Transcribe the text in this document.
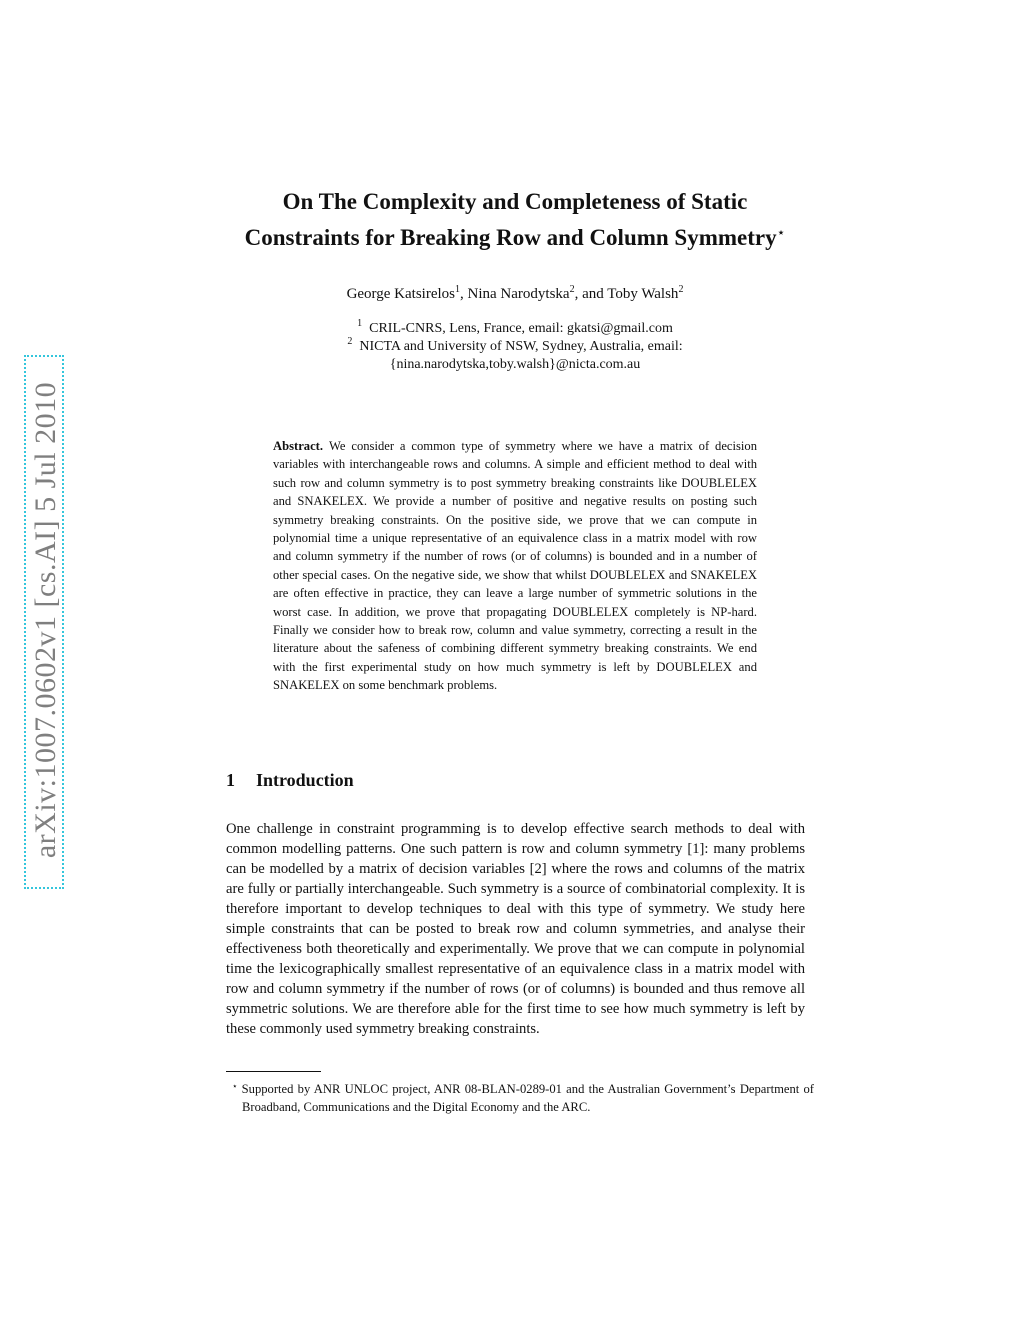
arXiv:1007.0602v1 [cs.AI] 5 Jul 2010
On The Complexity and Completeness of Static
Constraints for Breaking Row and Column Symmetry⋆
George Katsirelos$^1$, Nina Narodytska$^2$, and Toby Walsh$^2$
$^1$ CRIL-CNRS, Lens, France, email: gkatsi@gmail.com
$^2$ NICTA and University of NSW, Sydney, Australia, email:
{nina.narodytska,toby.walsh}@nicta.com.au
Abstract. We consider a common type of symmetry where we have a matrix of decision variables with interchangeable rows and columns. A simple and efficient method to deal with such row and column symmetry is to post symmetry breaking constraints like DOUBLELEX and SNAKELEX. We provide a number of positive and negative results on posting such symmetry breaking constraints. On the positive side, we prove that we can compute in polynomial time a unique representative of an equivalence class in a matrix model with row and column symmetry if the number of rows (or of columns) is bounded and in a number of other special cases. On the negative side, we show that whilst DOUBLELEX and SNAKELEX are often effective in practice, they can leave a large number of symmetric solutions in the worst case. In addition, we prove that propagating DOUBLELEX completely is NP-hard. Finally we consider how to break row, column and value symmetry, correcting a result in the literature about the safeness of combining different symmetry breaking constraints. We end with the first experimental study on how much symmetry is left by DOUBLELEX and SNAKELEX on some benchmark problems.
1 Introduction
One challenge in constraint programming is to develop effective search methods to deal with common modelling patterns. One such pattern is row and column symmetry [1]: many problems can be modelled by a matrix of decision variables [2] where the rows and columns of the matrix are fully or partially interchangeable. Such symmetry is a source of combinatorial complexity. It is therefore important to develop techniques to deal with this type of symmetry. We study here simple constraints that can be posted to break row and column symmetries, and analyse their effectiveness both theoretically and experimentally. We prove that we can compute in polynomial time the lexicographically smallest representative of an equivalence class in a matrix model with row and column symmetry if the number of rows (or of columns) is bounded and thus remove all symmetric solutions. We are therefore able for the first time to see how much symmetry is left by these commonly used symmetry breaking constraints.
⋆ Supported by ANR UNLOC project, ANR 08-BLAN-0289-01 and the Australian Government’s Department of Broadband, Communications and the Digital Economy and the ARC.
